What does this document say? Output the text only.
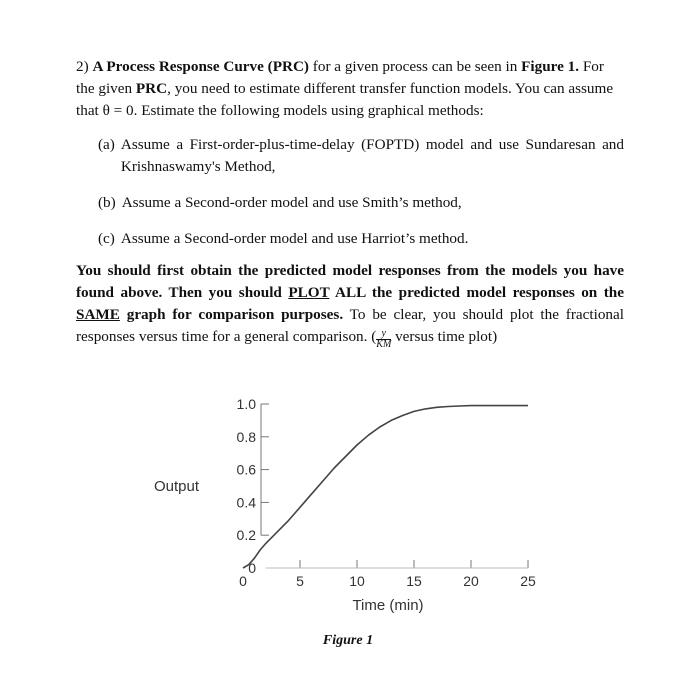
2) A Process Response Curve (PRC) for a given process can be seen in Figure 1. For the given PRC, you need to estimate different transfer function models. You can assume that θ = 0. Estimate the following models using graphical methods:

(a) Assume a First-order-plus-time-delay (FOPTD) model and use Sundaresan and Krishnaswamy's Method,
(b) Assume a Second-order model and use Smith’s method,
(c) Assume a Second-order model and use Harriot’s method.
You should first obtain the predicted model responses from the models you have found above. Then you should PLOT ALL the predicted model responses on the SAME graph for comparison purposes. To be clear, you should plot the fractional responses versus time for a general comparison. ( $\frac{y}{KM}$ versus time plot)
0
0.2
0.4
0.6
0.8
1.0
0	5	10	15	20	25
Output
Time (min)
Figure 1
